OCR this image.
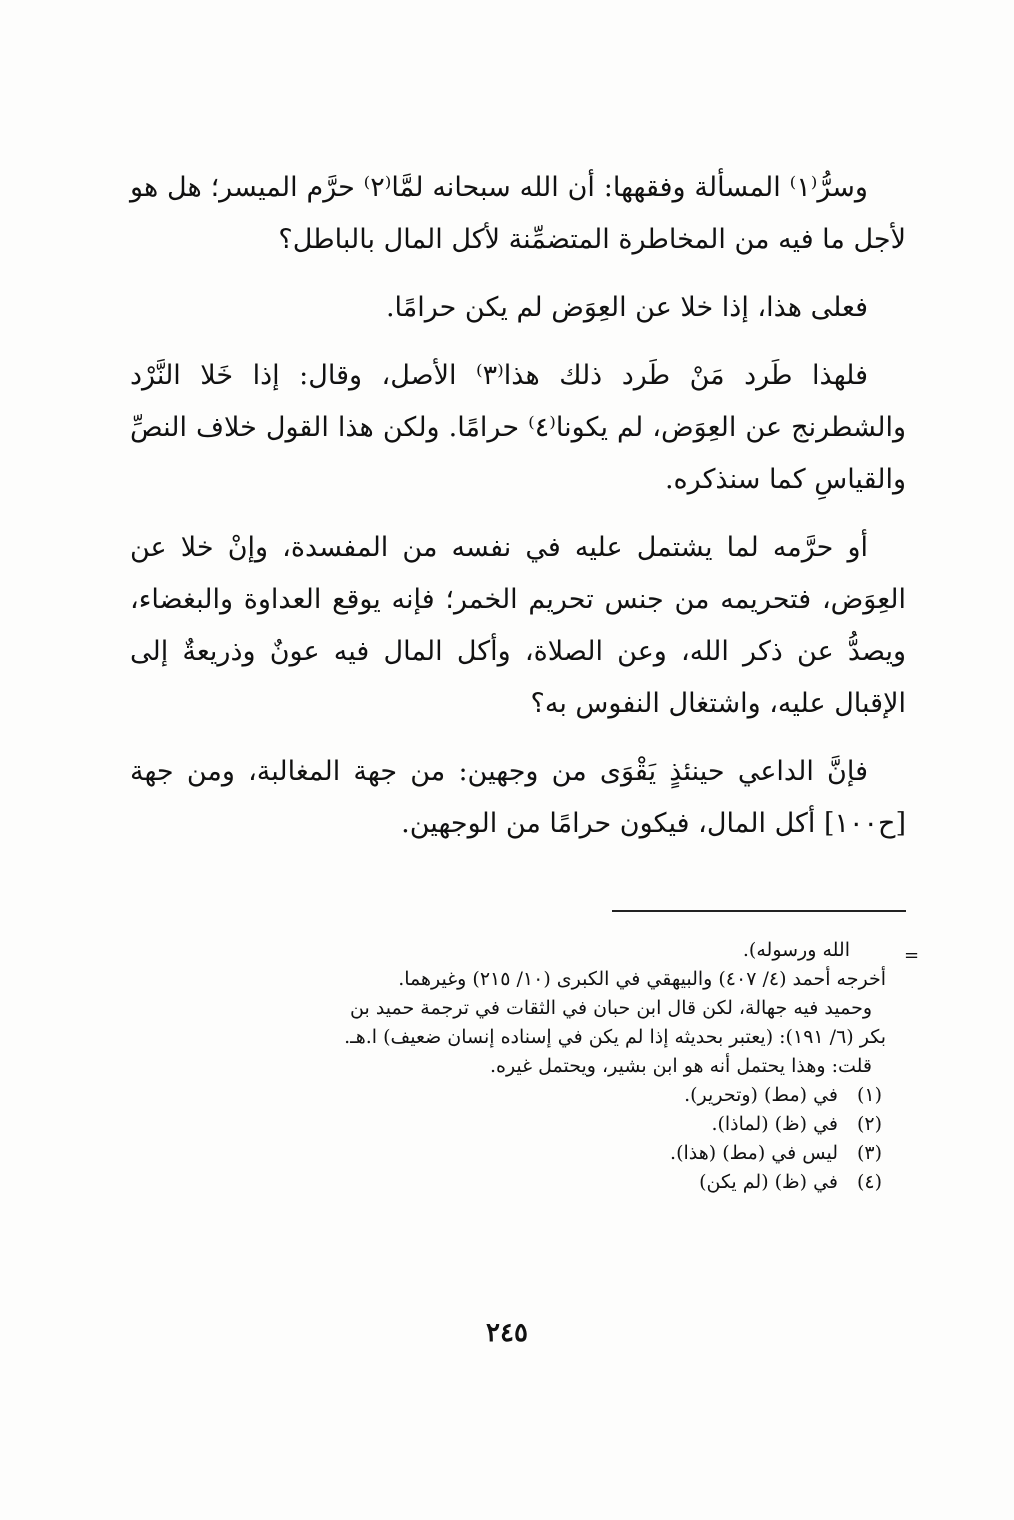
وسرُّ⁽١⁾ المسألة وفقهها: أن الله سبحانه لمَّا⁽٢⁾ حرَّم الميسر؛ هل هو لأجل ما فيه من المخاطرة المتضمِّنة لأكل المال بالباطل؟

فعلى هذا، إذا خلا عن العِوَض لم يكن حرامًا.

فلهذا طَرد مَنْ طَرد ذلك هذا⁽٣⁾ الأصل، وقال: إذا خَلا النَّرْد والشطرنج عن العِوَض، لم يكونا⁽٤⁾ حرامًا. ولكن هذا القول خلاف النصِّ والقياسِ كما سنذكره.

أو حرَّمه لما يشتمل عليه في نفسه من المفسدة، وإنْ خلا عن العِوَض، فتحريمه من جنس تحريم الخمر؛ فإنه يوقع العداوة والبغضاء، ويصدُّ عن ذكر الله، وعن الصلاة، وأكل المال فيه عونٌ وذريعةٌ إلى الإقبال عليه، واشتغال النفوس به؟

فإنَّ الداعي حينئذٍ يَقْوَى من وجهين: من جهة المغالبة، ومن جهة [ح١٠٠] أكل المال، فيكون حرامًا من الوجهين.

=

الله ورسوله).

أخرجه أحمد (٤/ ٤٠٧) والبيهقي في الكبرى (١٠/ ٢١٥) وغيرهما.

وحميد فيه جهالة، لكن قال ابن حبان في الثقات في ترجمة حميد بن

بكر (٦/ ١٩١): (يعتبر بحديثه إذا لم يكن في إسناده إنسان ضعيف) ا.هـ.

قلت: وهذا يحتمل أنه هو ابن بشير، ويحتمل غيره.

(١)في (مط) (وتحرير).

(٢)في (ظ) (لماذا).

(٣)ليس في (مط) (هذا).

(٤)في (ظ) (لم يكن)

٢٤٥
